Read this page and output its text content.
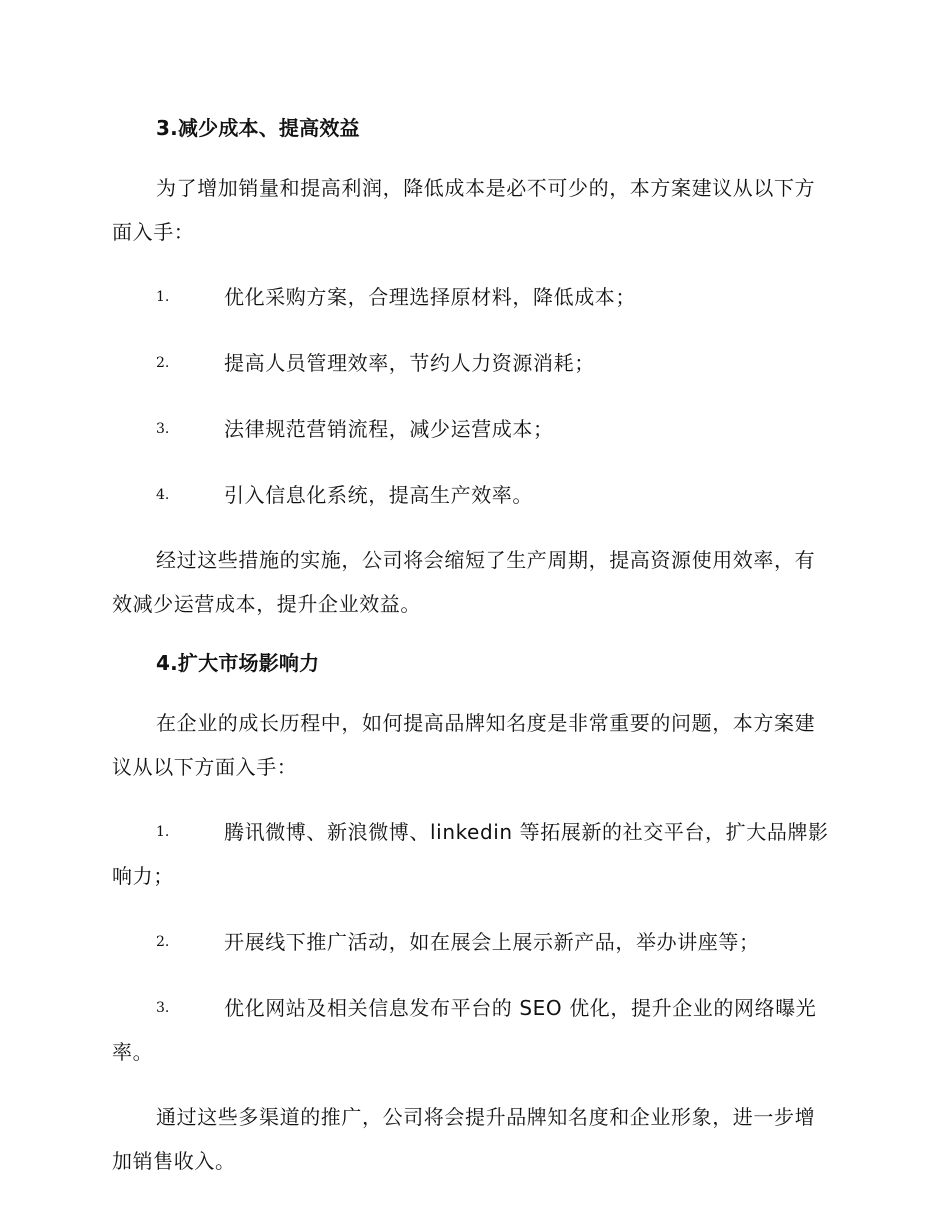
3.减少成本、提高效益

为了增加销量和提高利润，降低成本是必不可少的，本方案建议从以下方面入手：

1.	优化采购方案，合理选择原材料，降低成本；
2.	提高人员管理效率，节约人力资源消耗；
3.	法律规范营销流程，减少运营成本；
4.	引入信息化系统，提高生产效率。

经过这些措施的实施，公司将会缩短了生产周期，提高资源使用效率，有效减少运营成本，提升企业效益。

4.扩大市场影响力

在企业的成长历程中，如何提高品牌知名度是非常重要的问题，本方案建议从以下方面入手：

1.	腾讯微博、新浪微博、linkedin 等拓展新的社交平台，扩大品牌影响力；
2.	开展线下推广活动，如在展会上展示新产品，举办讲座等；
3.	优化网站及相关信息发布平台的 SEO 优化，提升企业的网络曝光率。

通过这些多渠道的推广，公司将会提升品牌知名度和企业形象，进一步增加销售收入。
